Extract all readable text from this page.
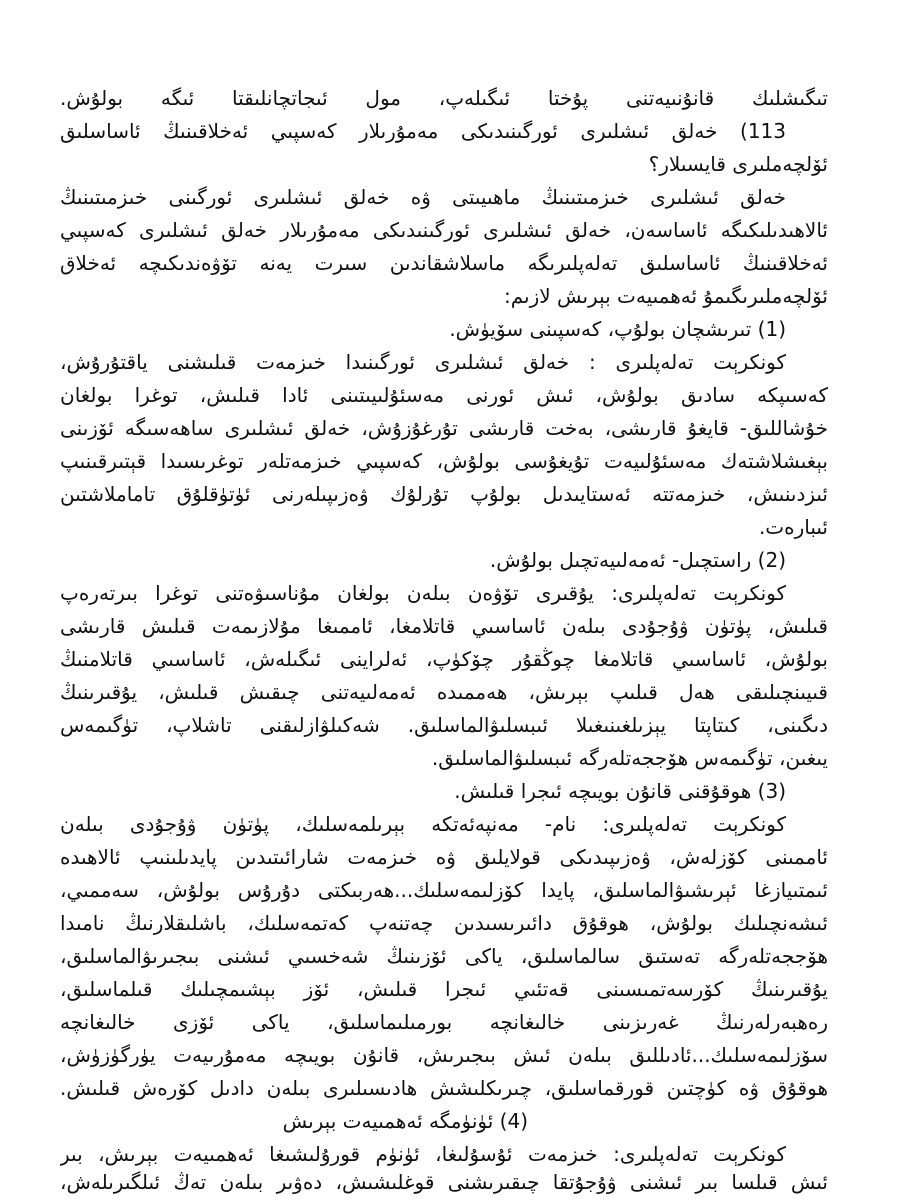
تىگىشلىك قانۇنىيەتنى پۇختا ئىگىلەپ، مول ئىجاتچانلىقتا ئىگە بولۇش.
113) خەلق ئىشلىرى ئورگىنىدىكى مەمۇرىلار كەسپىي ئەخلاقىنىڭ ئاساسلىق
ئۆلچەملىرى قايسىلار؟
خەلق ئىشلىرى خىزمىتىنىڭ ماھىيىتى ۋە خەلق ئىشلىرى ئورگىنى خىزمىتىنىڭ
ئالاھىدىلىكىگە ئاساسەن، خەلق ئىشلىرى ئورگىنىدىكى مەمۇرىلار خەلق ئىشلىرى كەسپىي
ئەخلاقىنىڭ ئاساسلىق تەلەپلىرىگە ماسلاشقاندىن سىرت يەنە تۆۋەندىكىچە ئەخلاق
ئۆلچەملىرىگىمۇ ئەھمىيەت بېرىش لازىم:
(1) تىرىشچان بولۇپ، كەسپىنى سۆيۈش.
كونكرېت تەلەپلىرى : خەلق ئىشلىرى ئورگىنىدا خىزمەت قىلىشنى ياقتۇرۇش،
كەسىپكە سادىق بولۇش، ئىش ئورنى مەسئۇلىيىتىنى ئادا قىلىش، توغرا بولغان
خۇشاللىق- قايغۇ قارىشى، بەخت قارىشى تۇرغۇزۇش، خەلق ئىشلىرى ساھەسىگە ئۆزىنى
بېغىشلاشتەك مەسئۇلىيەت تۇيغۇسى بولۇش، كەسپىي خىزمەتلەر توغرىسىدا قېتىرقىنىپ
ئىزدىنىش، خىزمەتتە ئەستايىدىل بولۇپ تۇرلۇك ۋەزىپىلەرنى ئۈتۈقلۇق تاماملاشتىن
ئىبارەت.
(2) راستچىل- ئەمەلىيەتچىل بولۇش.
كونكرېت تەلەپلىرى: يۇقىرى تۆۋەن بىلەن بولغان مۇناسىۋەتنى توغرا بىرتەرەپ
قىلىش، پۈتۈن ۋۇجۇدى بىلەن ئاساسىي قاتلامغا، ئاممىغا مۇلازىمەت قىلىش قارىشى
بولۇش، ئاساسىي قاتلامغا چوڭقۇر چۆكۈپ، ئەلراينى ئىگىلەش، ئاساسىي قاتلامنىڭ
قىيىنچىلىقى ھەل قىلىپ بېرىش، ھەممىدە ئەمەلىيەتنى چىقىش قىلىش، يۇقىرىنىڭ
دىگىنى، كىتاپتا يېزىلغىنىغىلا ئىبسلىۋالماسلىق. شەكىلۋازلىقنى تاشلاپ، تۈگىمەس
يىغىن، تۈگىمەس ھۆججەتلەرگە ئىبسلىۋالماسلىق.
(3) ھوقۇقنى قانۇن بويىچە ئىجرا قىلىش.
كونكرېت تەلەپلىرى: نام- مەنپەئەتكە بېرىلمەسلىك، پۈتۈن ۋۇجۇدى بىلەن
ئاممىنى كۆزلەش، ۋەزىپىدىكى قولايلىق ۋە خىزمەت شارائىتىدىن پايدىلىنىپ ئالاھىدە
ئىمتىيازغا ئېرىشىۋالماسلىق، پايدا كۆزلىمەسلىك...ھەربىكتى دۇرۇس بولۇش، سەممىي،
ئىشەنچىلىك بولۇش، ھوقۇق دائىرىسىدىن چەتنەپ كەتمەسلىك، باشلىقلارنىڭ نامىدا
ھۆججەتلەرگە تەستىق سالماسلىق، ياكى ئۆزىنىڭ شەخسىي ئىشنى بىجىرىۋالماسلىق،
يۇقىرىنىڭ كۆرسەتمىسىنى قەتئىي ئىجرا قىلىش، ئۆز بېشىمچىلىك قىلماسلىق،
رەھبەرلەرنىڭ غەرىزىنى خالىغانچە بورمىلىماسلىق، ياكى ئۆزى خالىغانچە
سۆزلىمەسلىك...ئادىللىق بىلەن ئىش بىجىرىش، قانۇن بويىچە مەمۇرىيەت يۈرگۈزۈش،
ھوقۇق ۋە كۈچتىن قورقماسلىق، چىرىكلىشش ھادىسىلىرى بىلەن دادىل كۆرەش قىلىش.
(4) ئۈنۈمگە ئەھمىيەت بېرىش
كونكرېت تەلەپلىرى: خىزمەت ئۇسۇلىغا، ئۈنۈم قورۇلىشىغا ئەھمىيەت بېرىش، بىر
ئىش قىلسا بىر ئىشنى ۋۇجۇتقا چىقىرىشنى قوغلىشىش، دەۋىر بىلەن تەڭ ئىلگىرىلەش،
